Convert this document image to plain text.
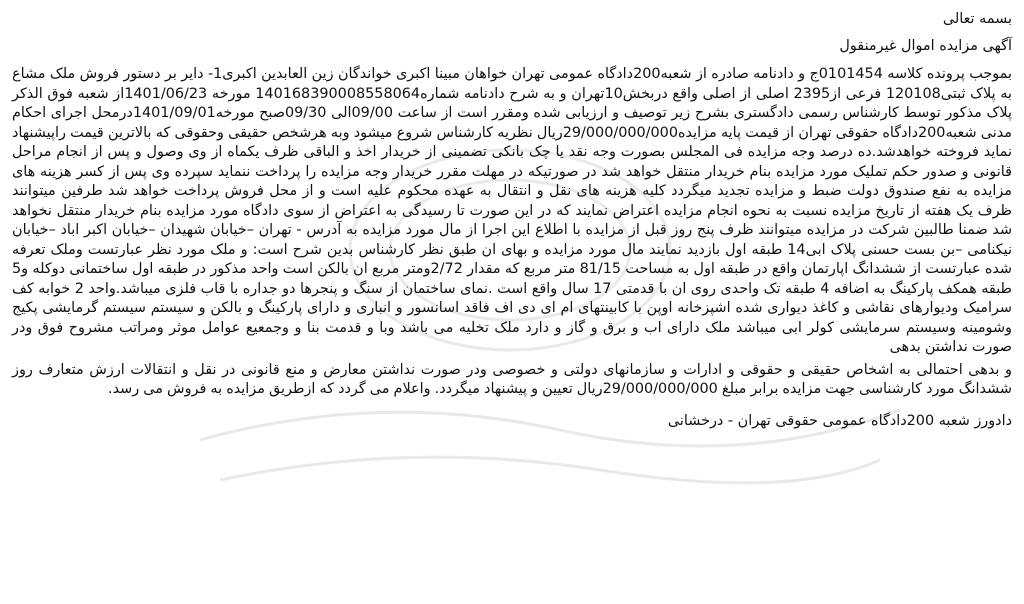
بسمه تعالی
آگهی مزایده اموال غیرمنقول
بموجب پرونده کلاسه 0101454ج و دادنامه صادره از شعبه200دادگاه عمومی تهران خواهان مبینا اکبری خواندگان زین العابدین اکبری1- دایر بر دستور فروش ملک مشاع به پلاک ثبتی120108 فرعی از2395 اصلی از اصلی واقع دربخش10تهران و به شرح دادنامه شماره140168390008558064 مورخه 1401/06/23از شعبه فوق الذکر پلاک مذکور توسط کارشناس رسمی دادگستری بشرح زیر توصیف و ارزیابی شده ومقرر است از ساعت 09/00الی 09/30صبح مورخه1401/09/01درمحل اجرای احکام مدنی شعبه200دادگاه حقوقی تهران از قیمت پایه مزایده29/000/000/000ریال نظریه کارشناس شروع میشود وبه هرشخص حقیقی وحقوقی که بالاترین قیمت راپیشنهاد نماید فروخته خواهدشد.ده درصد وجه مزایده فی المجلس بصورت وجه نقد یا چک بانکی تضمینی از خریدار اخذ و الباقی ظرف یکماه از وی وصول و پس از انجام مراحل قانونی و صدور حکم تملیک مورد مزایده بنام خریدار منتقل خواهد شد در صورتیکه در مهلت مقرر خریدار وجه مزایده را پرداخت ننماید سپرده وی پس از کسر هزینه های مزایده به نفع صندوق دولت ضبط و مزایده تجدید میگردد کلیه هزینه های نقل و انتقال به عهده محکوم علیه است و از محل فروش پرداخت خواهد شد طرفین میتوانند ظرف یک هفته از تاریخ مزایده نسبت به نحوه انجام مزایده اعتراض نمایند که در این صورت تا رسیدگی به اعتراض از سوی دادگاه مورد مزایده بنام خریدار منتقل نخواهد شد ضمنا طالبین شرکت در مزایده میتوانند ظرف پنج روز قبل از مزایده با اطلاع این اجرا از مال مورد مزایده به آدرس - تهران –خیابان شهیدان –خیابان اکبر اباد –خیابان نیکنامی –بن بست حسنی پلاک ابی14 طبقه اول بازدید نمایند مال مورد مزایده و بهای ان طبق نظر کارشناس بدین شرح است: و ملک مورد نظر عبارتست وملک تعرفه شده عبارتست از ششدانگ اپارتمان واقع در طبقه اول به مساحت 81/15 متر مربع که مقدار 2/72ومتر مربع ان بالکن است واحد مذکور در طبقه اول ساختمانی دوکله و5 طبقه همکف پارکینگ به اضافه 4 طبقه تک واحدی روی ان با قدمتی 17 سال واقع است .نمای ساختمان از سنگ و پنجرها دو جداره با قاب فلزی میباشد.واحد 2 خوابه کف سرامیک ودیوارهای نقاشی و کاغذ دیواری شده اشپزخانه اوپن با کابینتهای ام ای دی اف فاقد اسانسور و انباری و دارای پارکینگ و بالکن و سیستم سیستم گرمایشی پکیج وشومینه وسیستم سرمایشی کولر ابی میباشد ملک دارای اب و برق و گاز و دارد ملک تخلیه می باشد وبا و قدمت بنا و وجمعیع عوامل موثر ومراتب مشروح فوق ودر صورت نداشتن بدهی
و بدهی احتمالی به اشخاص حقیقی و حقوقی و ادارات و سازمانهای دولتی و خصوصی ودر صورت نداشتن معارض و منع قانونی در نقل و انتقالات ارزش متعارف روز ششدانگ مورد کارشناسی جهت مزایده برابر مبلغ 29/000/000/000ریال تعیین و پیشنهاد میگردد. واعلام می گردد که ازطریق مزایده به فروش می رسد.
دادورز شعبه 200دادگاه عمومی حقوقی تهران - درخشانی
